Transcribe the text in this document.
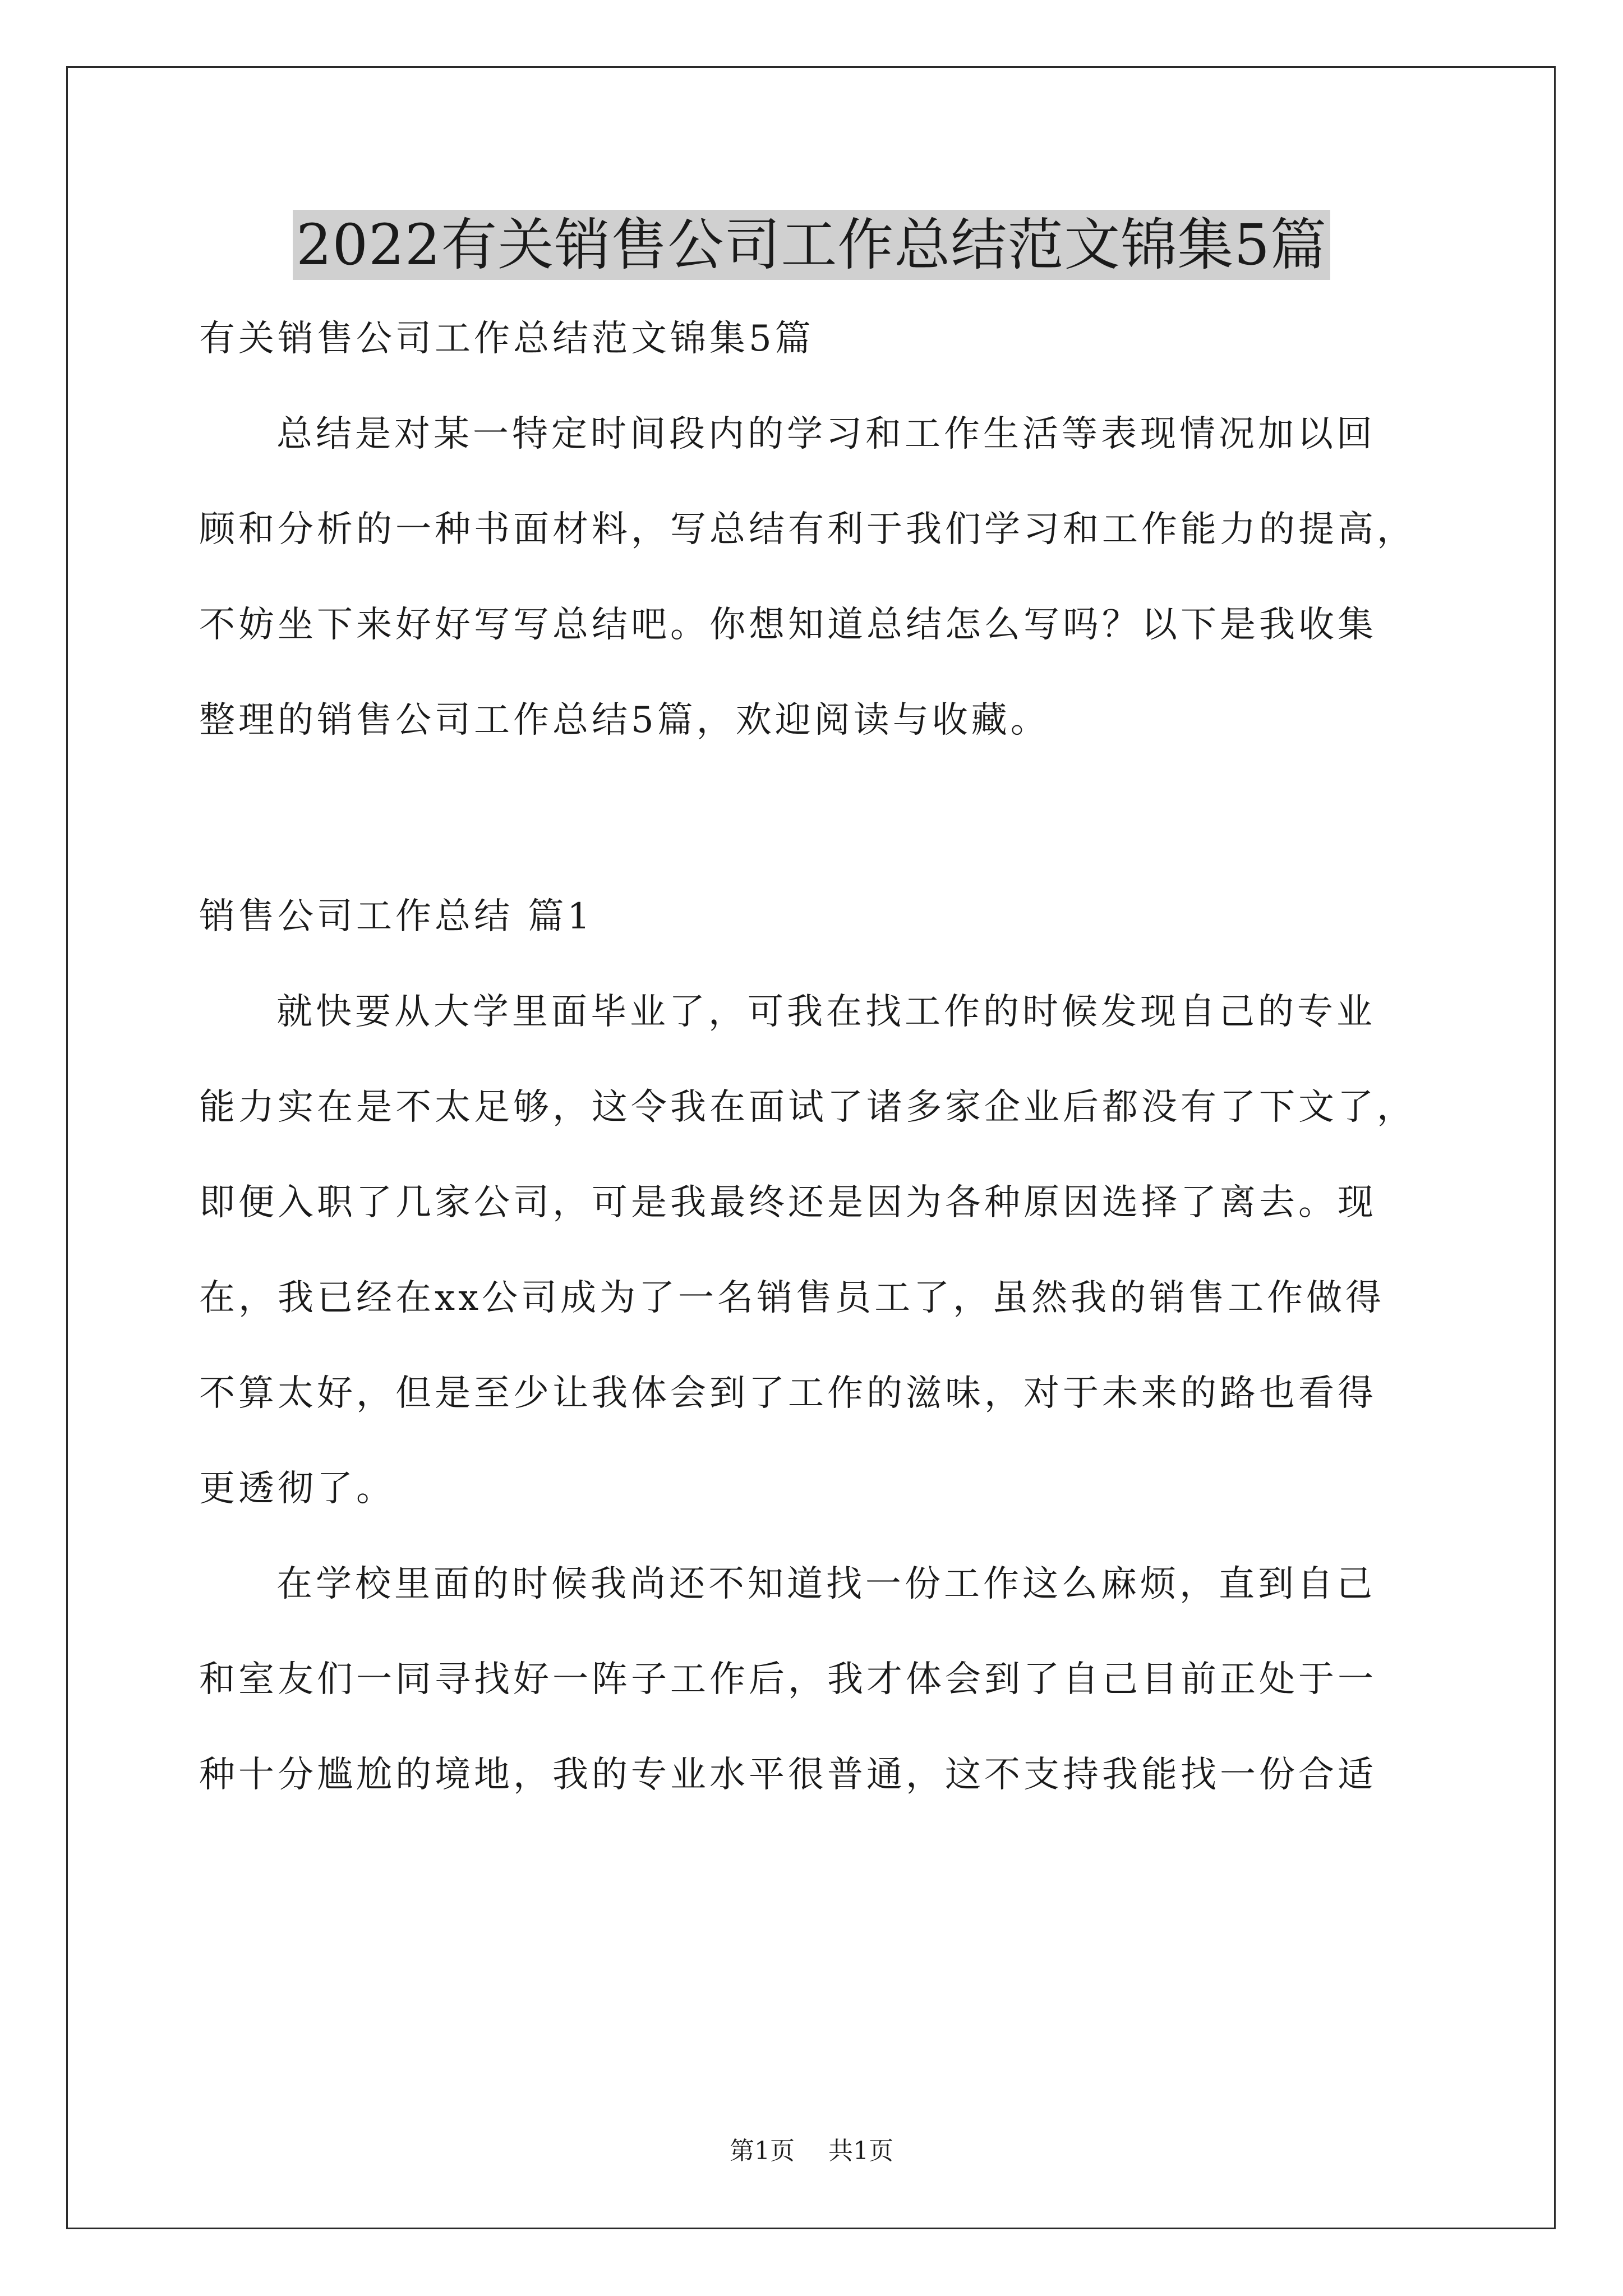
2022有关销售公司工作总结范文锦集5篇
有关销售公司工作总结范文锦集5篇
总结是对某一特定时间段内的学习和工作生活等表现情况加以回
顾和分析的一种书面材料，写总结有利于我们学习和工作能力的提高，
不妨坐下来好好写写总结吧。你想知道总结怎么写吗？以下是我收集
整理的销售公司工作总结5篇，欢迎阅读与收藏。
销售公司工作总结 篇1
就快要从大学里面毕业了，可我在找工作的时候发现自己的专业
能力实在是不太足够，这令我在面试了诸多家企业后都没有了下文了，
即便入职了几家公司，可是我最终还是因为各种原因选择了离去。现
在，我已经在xx公司成为了一名销售员工了，虽然我的销售工作做得
不算太好，但是至少让我体会到了工作的滋味，对于未来的路也看得
更透彻了。
在学校里面的时候我尚还不知道找一份工作这么麻烦，直到自己
和室友们一同寻找好一阵子工作后，我才体会到了自己目前正处于一
种十分尴尬的境地，我的专业水平很普通，这不支持我能找一份合适
第1页 共1页
